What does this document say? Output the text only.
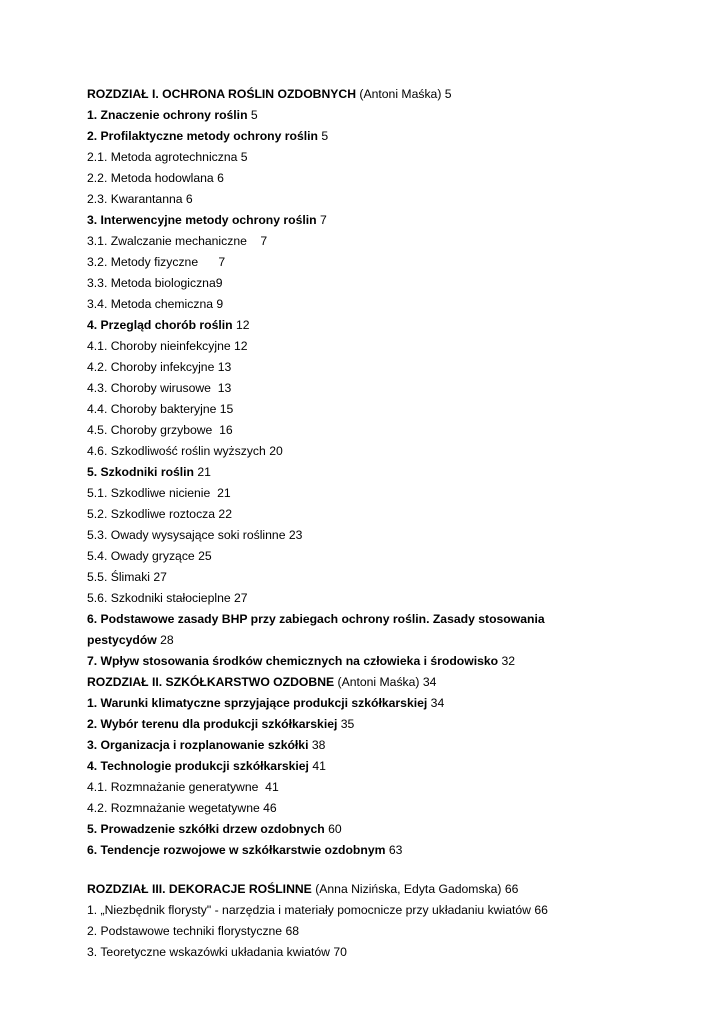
ROZDZIAŁ I. OCHRONA ROŚLIN OZDOBNYCH (Antoni Maśka) 5
1. Znaczenie ochrony roślin 5
2. Profilaktyczne metody ochrony roślin 5
2.1. Metoda agrotechniczna 5
2.2. Metoda hodowlana 6
2.3. Kwarantanna 6
3. Interwencyjne metody ochrony roślin 7
3.1. Zwalczanie mechaniczne    7
3.2. Metody fizyczne      7
3.3. Metoda biologiczna9
3.4. Metoda chemiczna 9
4. Przegląd chorób roślin 12
4.1. Choroby nieinfekcyjne 12
4.2. Choroby infekcyjne 13
4.3. Choroby wirusowe  13
4.4. Choroby bakteryjne 15
4.5. Choroby grzybowe  16
4.6. Szkodliwość roślin wyższych 20
5. Szkodniki roślin 21
5.1. Szkodliwe nicienie  21
5.2. Szkodliwe roztocza 22
5.3. Owady wysysające soki roślinne 23
5.4. Owady gryzące 25
5.5. Ślimaki 27
5.6. Szkodniki stałocieplne 27
6. Podstawowe zasady BHP przy zabiegach ochrony roślin. Zasady stosowania
pestycydów 28
7. Wpływ stosowania środków chemicznych na człowieka i środowisko 32
ROZDZIAŁ II. SZKÓŁKARSTWO OZDOBNE (Antoni Maśka) 34
1. Warunki klimatyczne sprzyjające produkcji szkółkarskiej 34
2. Wybór terenu dla produkcji szkółkarskiej 35
3. Organizacja i rozplanowanie szkółki 38
4. Technologie produkcji szkółkarskiej 41
4.1. Rozmnażanie generatywne  41
4.2. Rozmnażanie wegetatywne 46
5. Prowadzenie szkółki drzew ozdobnych 60
6. Tendencje rozwojowe w szkółkarstwie ozdobnym 63
ROZDZIAŁ III. DEKORACJE ROŚLINNE (Anna Nizińska, Edyta Gadomska) 66
1. „Niezbędnik florysty" - narzędzia i materiały pomocnicze przy układaniu kwiatów 66
2. Podstawowe techniki florystyczne 68
3. Teoretyczne wskazówki układania kwiatów 70
